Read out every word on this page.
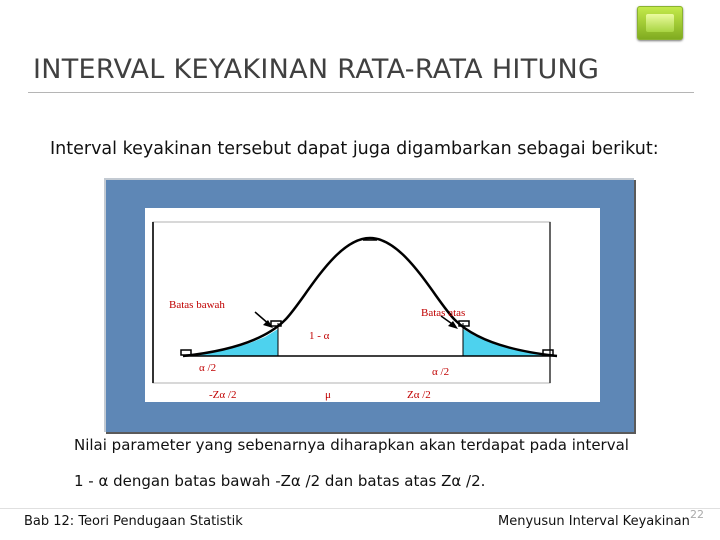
INTERVAL KEYAKINAN RATA-RATA HITUNG
Interval keyakinan tersebut dapat juga digambarkan sebagai berikut:
Batas bawah
Batas atas
1 - α
α /2	α /2
-Zα /2	μ	Zα /2
Nilai parameter yang sebenarnya diharapkan akan terdapat pada interval
1 - α dengan batas bawah -Zα /2 dan batas atas Zα /2.
Bab 12: Teori Pendugaan Statistik	Menyusun Interval Keyakinan 22
